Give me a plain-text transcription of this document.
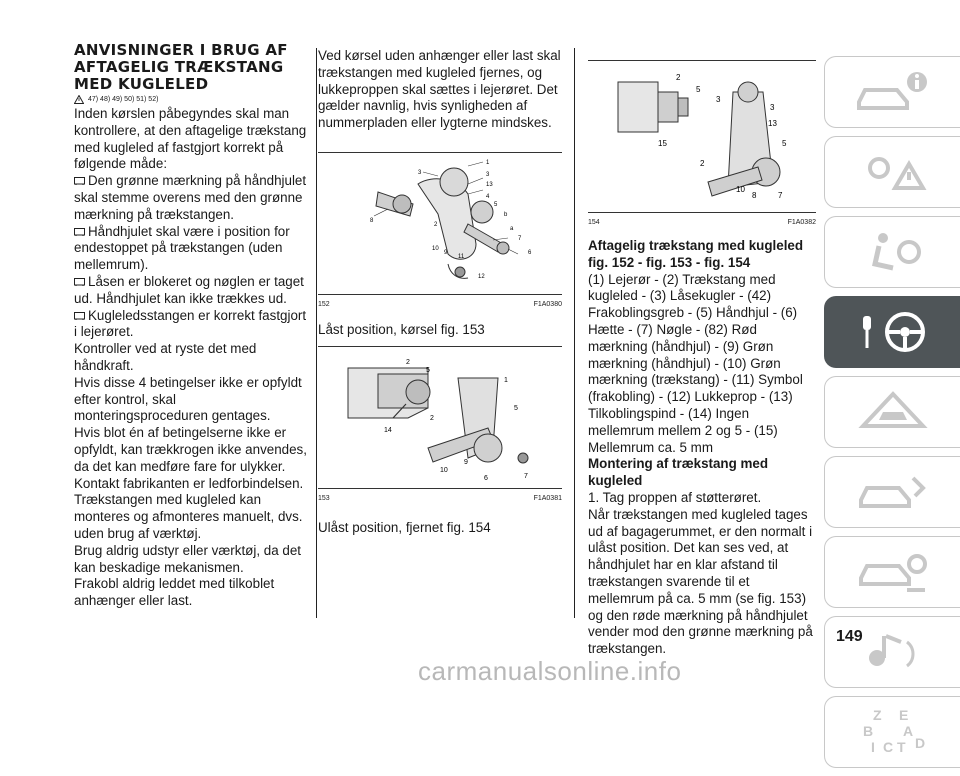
ANVISNINGER I BRUG AF
AFTAGELIG TRÆKSTANG
MED KUGLELED
47) 48) 49) 50) 51) 52)

Inden kørslen påbegyndes skal man kontrollere, at den aftagelige trækstang med kugleled af fastgjort korrekt på følgende måde:

Den grønne mærkning på håndhjulet skal stemme overens med den grønne mærkning på trækstangen.

Håndhjulet skal være i position for endestoppet på trækstangen (uden mellemrum).

Låsen er blokeret og nøglen er taget ud. Håndhjulet kan ikke trækkes ud.

Kugleledsstangen er korrekt fastgjort i lejerøret.

Kontroller ved at ryste det med håndkraft.

Hvis disse 4 betingelser ikke er opfyldt efter kontrol, skal monteringsproceduren gentages.

Hvis blot én af betingelserne ikke er opfyldt, kan trækkrogen ikke anvendes, da det kan medføre fare for ulykker.

Kontakt fabrikanten er ledforbindelsen.

Trækstangen med kugleled kan monteres og afmonteres manuelt, dvs. uden brug af værktøj.

Brug aldrig udstyr eller værktøj, da det kan beskadige mekanismen.

Frakobl aldrig leddet med tilkoblet anhænger eller last.

Ved kørsel uden anhænger eller last skal trækstangen med kugleled fjernes, og lukkeproppen skal sættes i lejerøret. Det gælder navnlig, hvis synligheden af nummerpladen eller lygterne mindskes.

1
3	3
13
8
2
4
5
b
a
7
6
10
9
11
12
152	F1A0380

Låst position, kørsel fig. 153

2
5
1
14
2
5
10
9
6	7
153	F1A0381

Ulåst position, fjernet fig. 154

2
5
3
3
13
15	5
2
10
8	7
154	F1A0382

Aftagelig trækstang med kugleled fig. 152 - fig. 153 - fig. 154

(1) Lejerør - (2) Trækstang med kugleled - (3) Låsekugler - (42) Frakoblingsgreb - (5) Håndhjul - (6) Hætte - (7) Nøgle - (82) Rød mærkning (håndhjul) - (9) Grøn mærkning (håndhjul) - (10) Grøn mærkning (trækstang) - (11) Symbol (frakobling) - (12) Lukkeprop - (13) Tilkoblingspind - (14) Ingen mellemrum mellem 2 og 5 - (15) Mellemrum ca. 5 mm

Montering af trækstang med kugleled

1. Tag proppen af støtterøret.

Når trækstangen med kugleled tages ud af bagagerummet, er den normalt i ulåst position. Det kan ses ved, at håndhjulet har en klar afstand til trækstangen svarende til et mellemrum på ca. 5 mm (se fig. 153) og den røde mærkning på håndhjulet vender mod den grønne mærkning på trækstangen.

Z E
B A
I C T D
149
carmanualsonline.info
